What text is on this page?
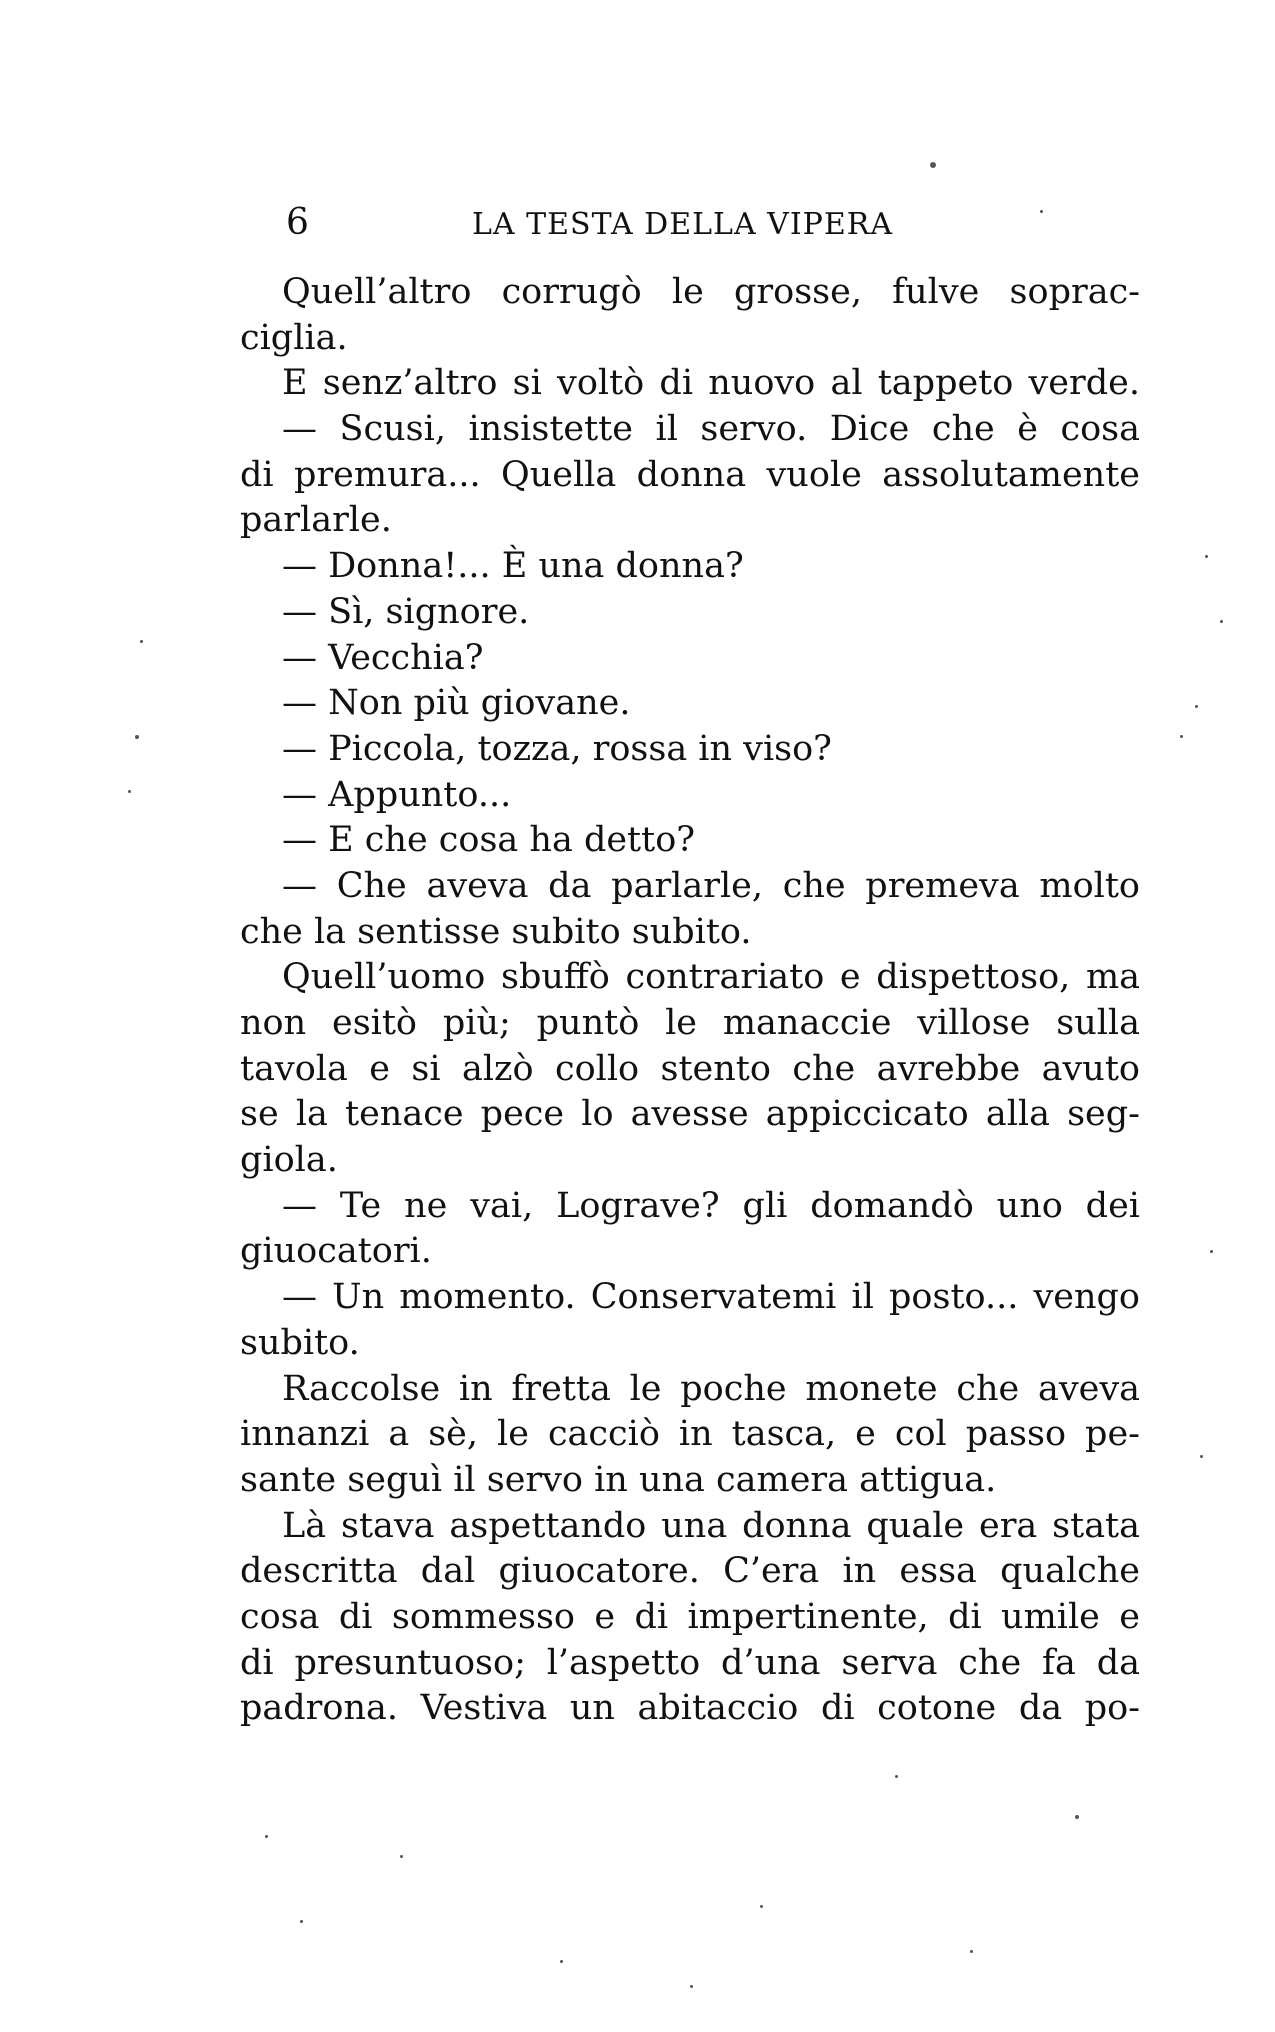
6	LA TESTA DELLA VIPERA
Quell’altro corrugò le grosse, fulve soprac-
ciglia.
E senz’altro si voltò di nuovo al tappeto verde.
— Scusi, insistette il servo. Dice che è cosa
di premura... Quella donna vuole assolutamente
parlarle.
— Donna!... È una donna?
— Sì, signore.
— Vecchia?
— Non più giovane.
— Piccola, tozza, rossa in viso?
— Appunto...
— E che cosa ha detto?
— Che aveva da parlarle, che premeva molto
che la sentisse subito subito.
Quell’uomo sbuffò contrariato e dispettoso, ma
non esitò più; puntò le manaccie villose sulla
tavola e si alzò collo stento che avrebbe avuto
se la tenace pece lo avesse appiccicato alla seg-
giola.
— Te ne vai, Lograve? gli domandò uno dei
giuocatori.
— Un momento. Conservatemi il posto... vengo
subito.
Raccolse in fretta le poche monete che aveva
innanzi a sè, le cacciò in tasca, e col passo pe-
sante seguì il servo in una camera attigua.
Là stava aspettando una donna quale era stata
descritta dal giuocatore. C’era in essa qualche
cosa di sommesso e di impertinente, di umile e
di presuntuoso; l’aspetto d’una serva che fa da
padrona. Vestiva un abitaccio di cotone da po-
